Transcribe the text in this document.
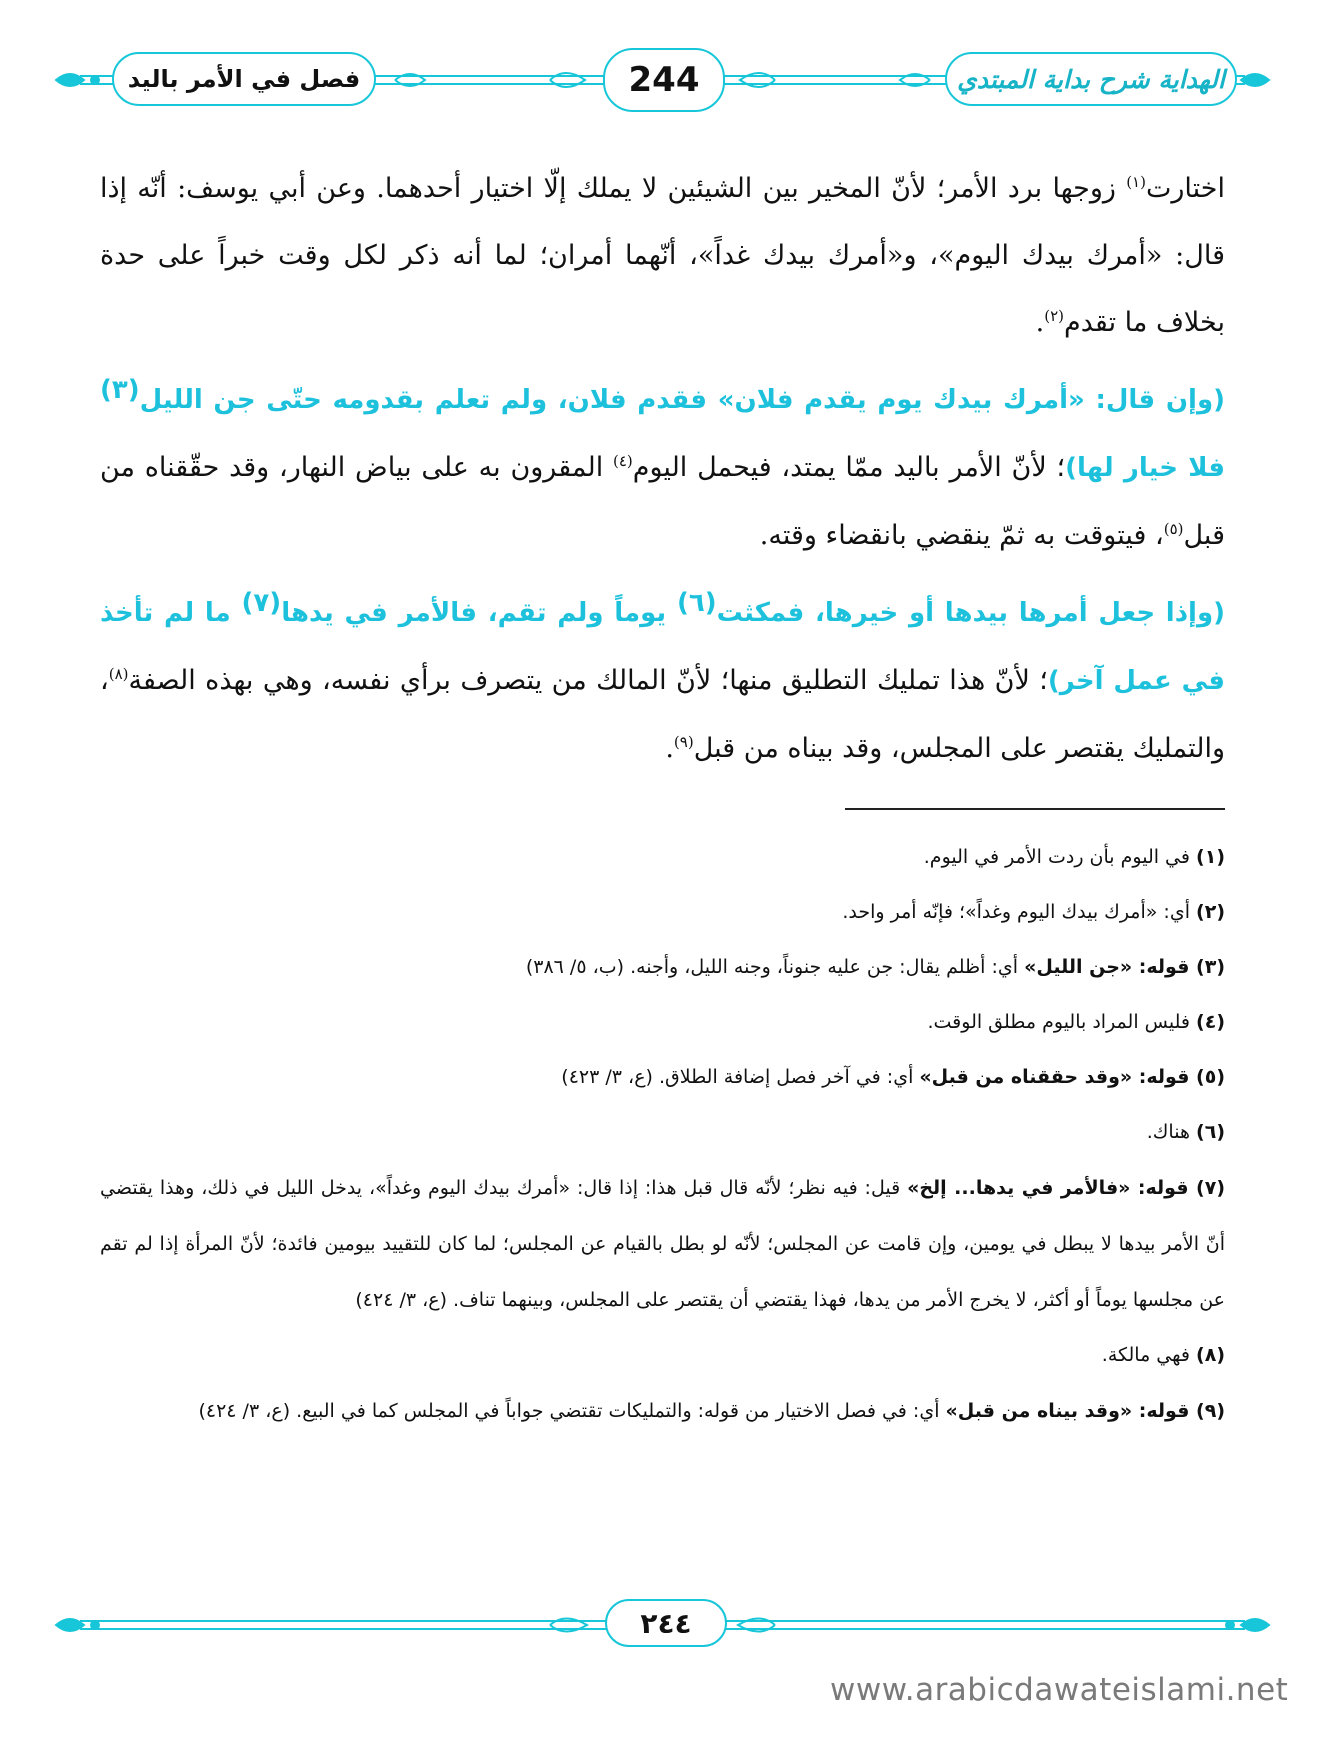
فصل في الأمر باليد	244	الهداية شرح بداية المبتدي

اختارت$^{(١)}$ زوجها برد الأمر؛ لأنّ المخير بين الشيئين لا يملك إلّا اختيار أحدهما. وعن أبي يوسف: أنّه إذا قال: «أمرك بيدك اليوم»، و«أمرك بيدك غداً»، أنّهما أمران؛ لما أنه ذكر لكل وقت خبراً على حدة بخلاف ما تقدم$^{(٢)}$.

(وإن قال: «أمرك بيدك يوم يقدم فلان» فقدم فلان، ولم تعلم بقدومه حتّى جن الليل$^{(٣)}$ فلا خيار لها)؛ لأنّ الأمر باليد ممّا يمتد، فيحمل اليوم$^{(٤)}$ المقرون به على بياض النهار، وقد حقّقناه من قبل$^{(٥)}$، فيتوقت به ثمّ ينقضي بانقضاء وقته.

(وإذا جعل أمرها بيدها أو خيرها، فمكثت$^{(٦)}$ يوماً ولم تقم، فالأمر في يدها$^{(٧)}$ ما لم تأخذ في عمل آخر)؛ لأنّ هذا تمليك التطليق منها؛ لأنّ المالك من يتصرف برأي نفسه، وهي بهذه الصفة$^{(٨)}$، والتمليك يقتصر على المجلس، وقد بيناه من قبل$^{(٩)}$.

(١) في اليوم بأن ردت الأمر في اليوم.

(٢) أي: «أمرك بيدك اليوم وغداً»؛ فإنّه أمر واحد.

(٣) قوله: «جن الليل» أي: أظلم يقال: جن عليه جنوناً، وجنه الليل، وأجنه. (ب، ٥/ ٣٨٦)

(٤) فليس المراد باليوم مطلق الوقت.

(٥) قوله: «وقد حققناه من قبل» أي: في آخر فصل إضافة الطلاق. (ع، ٣/ ٤٢٣)

(٦) هناك.

(٧) قوله: «فالأمر في يدها... إلخ» قيل: فيه نظر؛ لأنّه قال قبل هذا: إذا قال: «أمرك بيدك اليوم وغداً»، يدخل الليل في ذلك، وهذا يقتضي أنّ الأمر بيدها لا يبطل في يومين، وإن قامت عن المجلس؛ لأنّه لو بطل بالقيام عن المجلس؛ لما كان للتقييد بيومين فائدة؛ لأنّ المرأة إذا لم تقم عن مجلسها يوماً أو أكثر، لا يخرج الأمر من يدها، فهذا يقتضي أن يقتصر على المجلس، وبينهما تناف. (ع، ٣/ ٤٢٤)

(٨) فهي مالكة.

(٩) قوله: «وقد بيناه من قبل» أي: في فصل الاختيار من قوله: والتمليكات تقتضي جواباً في المجلس كما في البيع. (ع، ٣/ ٤٢٤)

٢٤٤
www.arabicdawateislami.net
